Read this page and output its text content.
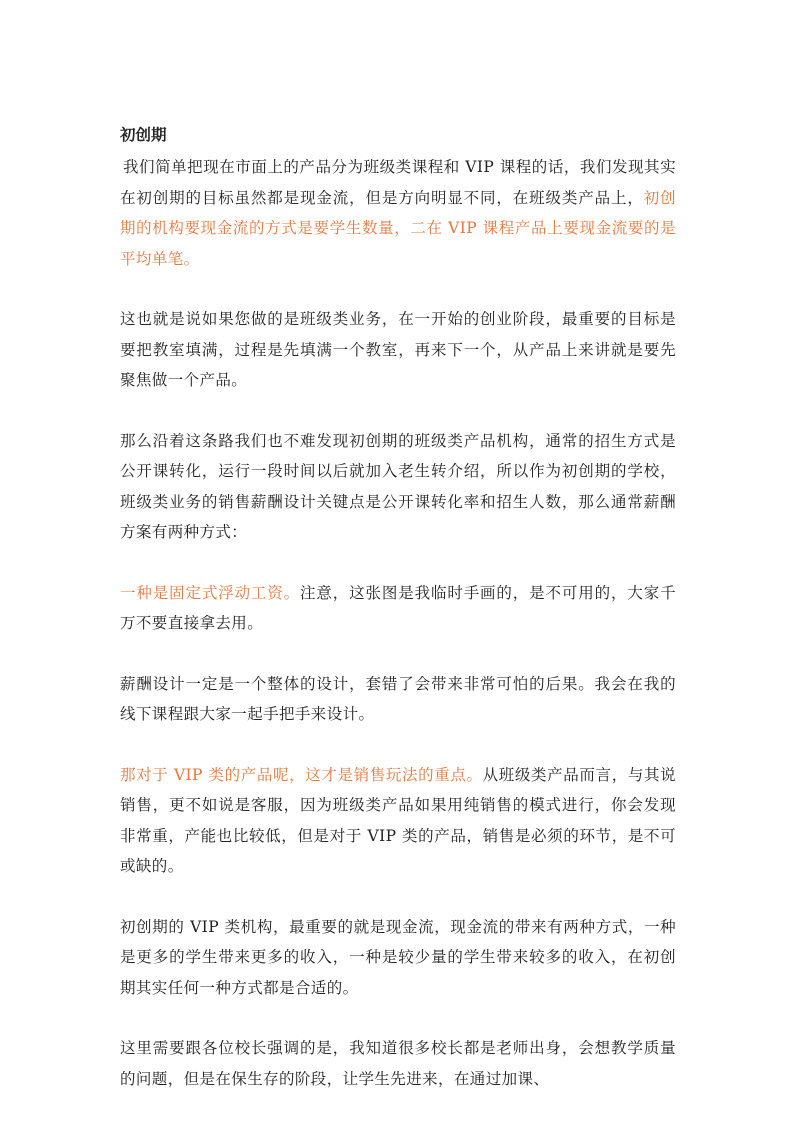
初创期

我们简单把现在市面上的产品分为班级类课程和 VIP 课程的话，我们发现其实在初创期的目标虽然都是现金流，但是方向明显不同，在班级类产品上，初创期的机构要现金流的方式是要学生数量，二在 VIP 课程产品上要现金流要的是平均单笔。

这也就是说如果您做的是班级类业务，在一开始的创业阶段，最重要的目标是要把教室填满，过程是先填满一个教室，再来下一个，从产品上来讲就是要先聚焦做一个产品。

那么沿着这条路我们也不难发现初创期的班级类产品机构，通常的招生方式是公开课转化，运行一段时间以后就加入老生转介绍，所以作为初创期的学校，班级类业务的销售薪酬设计关键点是公开课转化率和招生人数，那么通常薪酬方案有两种方式：

一种是固定式浮动工资。注意，这张图是我临时手画的，是不可用的，大家千万不要直接拿去用。

薪酬设计一定是一个整体的设计，套错了会带来非常可怕的后果。我会在我的线下课程跟大家一起手把手来设计。

那对于 VIP 类的产品呢，这才是销售玩法的重点。从班级类产品而言，与其说销售，更不如说是客服，因为班级类产品如果用纯销售的模式进行，你会发现非常重，产能也比较低，但是对于 VIP 类的产品，销售是必须的环节，是不可或缺的。

初创期的 VIP 类机构，最重要的就是现金流，现金流的带来有两种方式，一种是更多的学生带来更多的收入，一种是较少量的学生带来较多的收入，在初创期其实任何一种方式都是合适的。

这里需要跟各位校长强调的是，我知道很多校长都是老师出身，会想教学质量的问题，但是在保生存的阶段，让学生先进来，在通过加课、
